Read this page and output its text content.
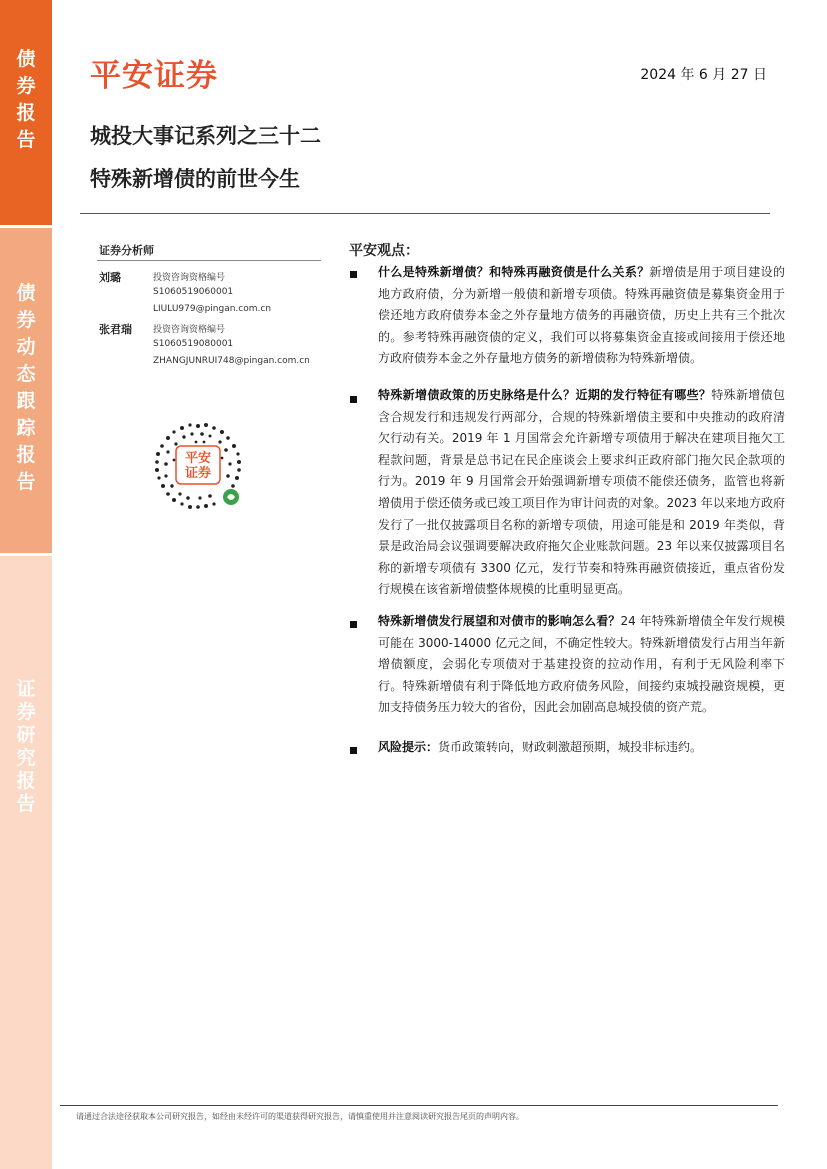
债
券
报
告
债
券
动
态
跟
踪
报
告
证
券
研
究
报
告
平安证券	2024 年 6 月 27 日
城投大事记系列之三十二
特殊新增债的前世今生
证券分析师
刘璐	投资咨询资格编号
S1060519060001
LIULU979@pingan.com.cn
张君瑞 投资咨询资格编号
S1060519080001
ZHANGJUNRUI748@pingan.com.cn
平安
证券
平安观点：
什么是特殊新增债？和特殊再融资债是什么关系？新增债是用于项目建设的地方政府债，分为新增一般债和新增专项债。特殊再融资债是募集资金用于偿还地方政府债券本金之外存量地方债务的再融资债，历史上共有三个批次的。参考特殊再融资债的定义，我们可以将募集资金直接或间接用于偿还地方政府债券本金之外存量地方债务的新增债称为特殊新增债。
特殊新增债政策的历史脉络是什么？近期的发行特征有哪些？特殊新增债包含合规发行和违规发行两部分，合规的特殊新增债主要和中央推动的政府清欠行动有关。2019 年 1 月国常会允许新增专项债用于解决在建项目拖欠工程款问题，背景是总书记在民企座谈会上要求纠正政府部门拖欠民企款项的行为。2019 年 9 月国常会开始强调新增专项债不能偿还债务，监管也将新增债用于偿还债务或已竣工项目作为审计问责的对象。2023 年以来地方政府发行了一批仅披露项目名称的新增专项债，用途可能是和 2019 年类似，背景是政治局会议强调要解决政府拖欠企业账款问题。23 年以来仅披露项目名称的新增专项债有 3300 亿元，发行节奏和特殊再融资债接近，重点省份发行规模在该省新增债整体规模的比重明显更高。
特殊新增债发行展望和对债市的影响怎么看？24 年特殊新增债全年发行规模可能在 3000-14000 亿元之间，不确定性较大。特殊新增债发行占用当年新增债额度，会弱化专项债对于基建投资的拉动作用，有利于无风险利率下行。特殊新增债有利于降低地方政府债务风险，间接约束城投融资规模，更加支持债务压力较大的省份，因此会加剧高息城投债的资产荒。
风险提示：货币政策转向，财政刺激超预期，城投非标违约。
请通过合法途径获取本公司研究报告，如经由未经许可的渠道获得研究报告，请慎重使用并注意阅读研究报告尾页的声明内容。
